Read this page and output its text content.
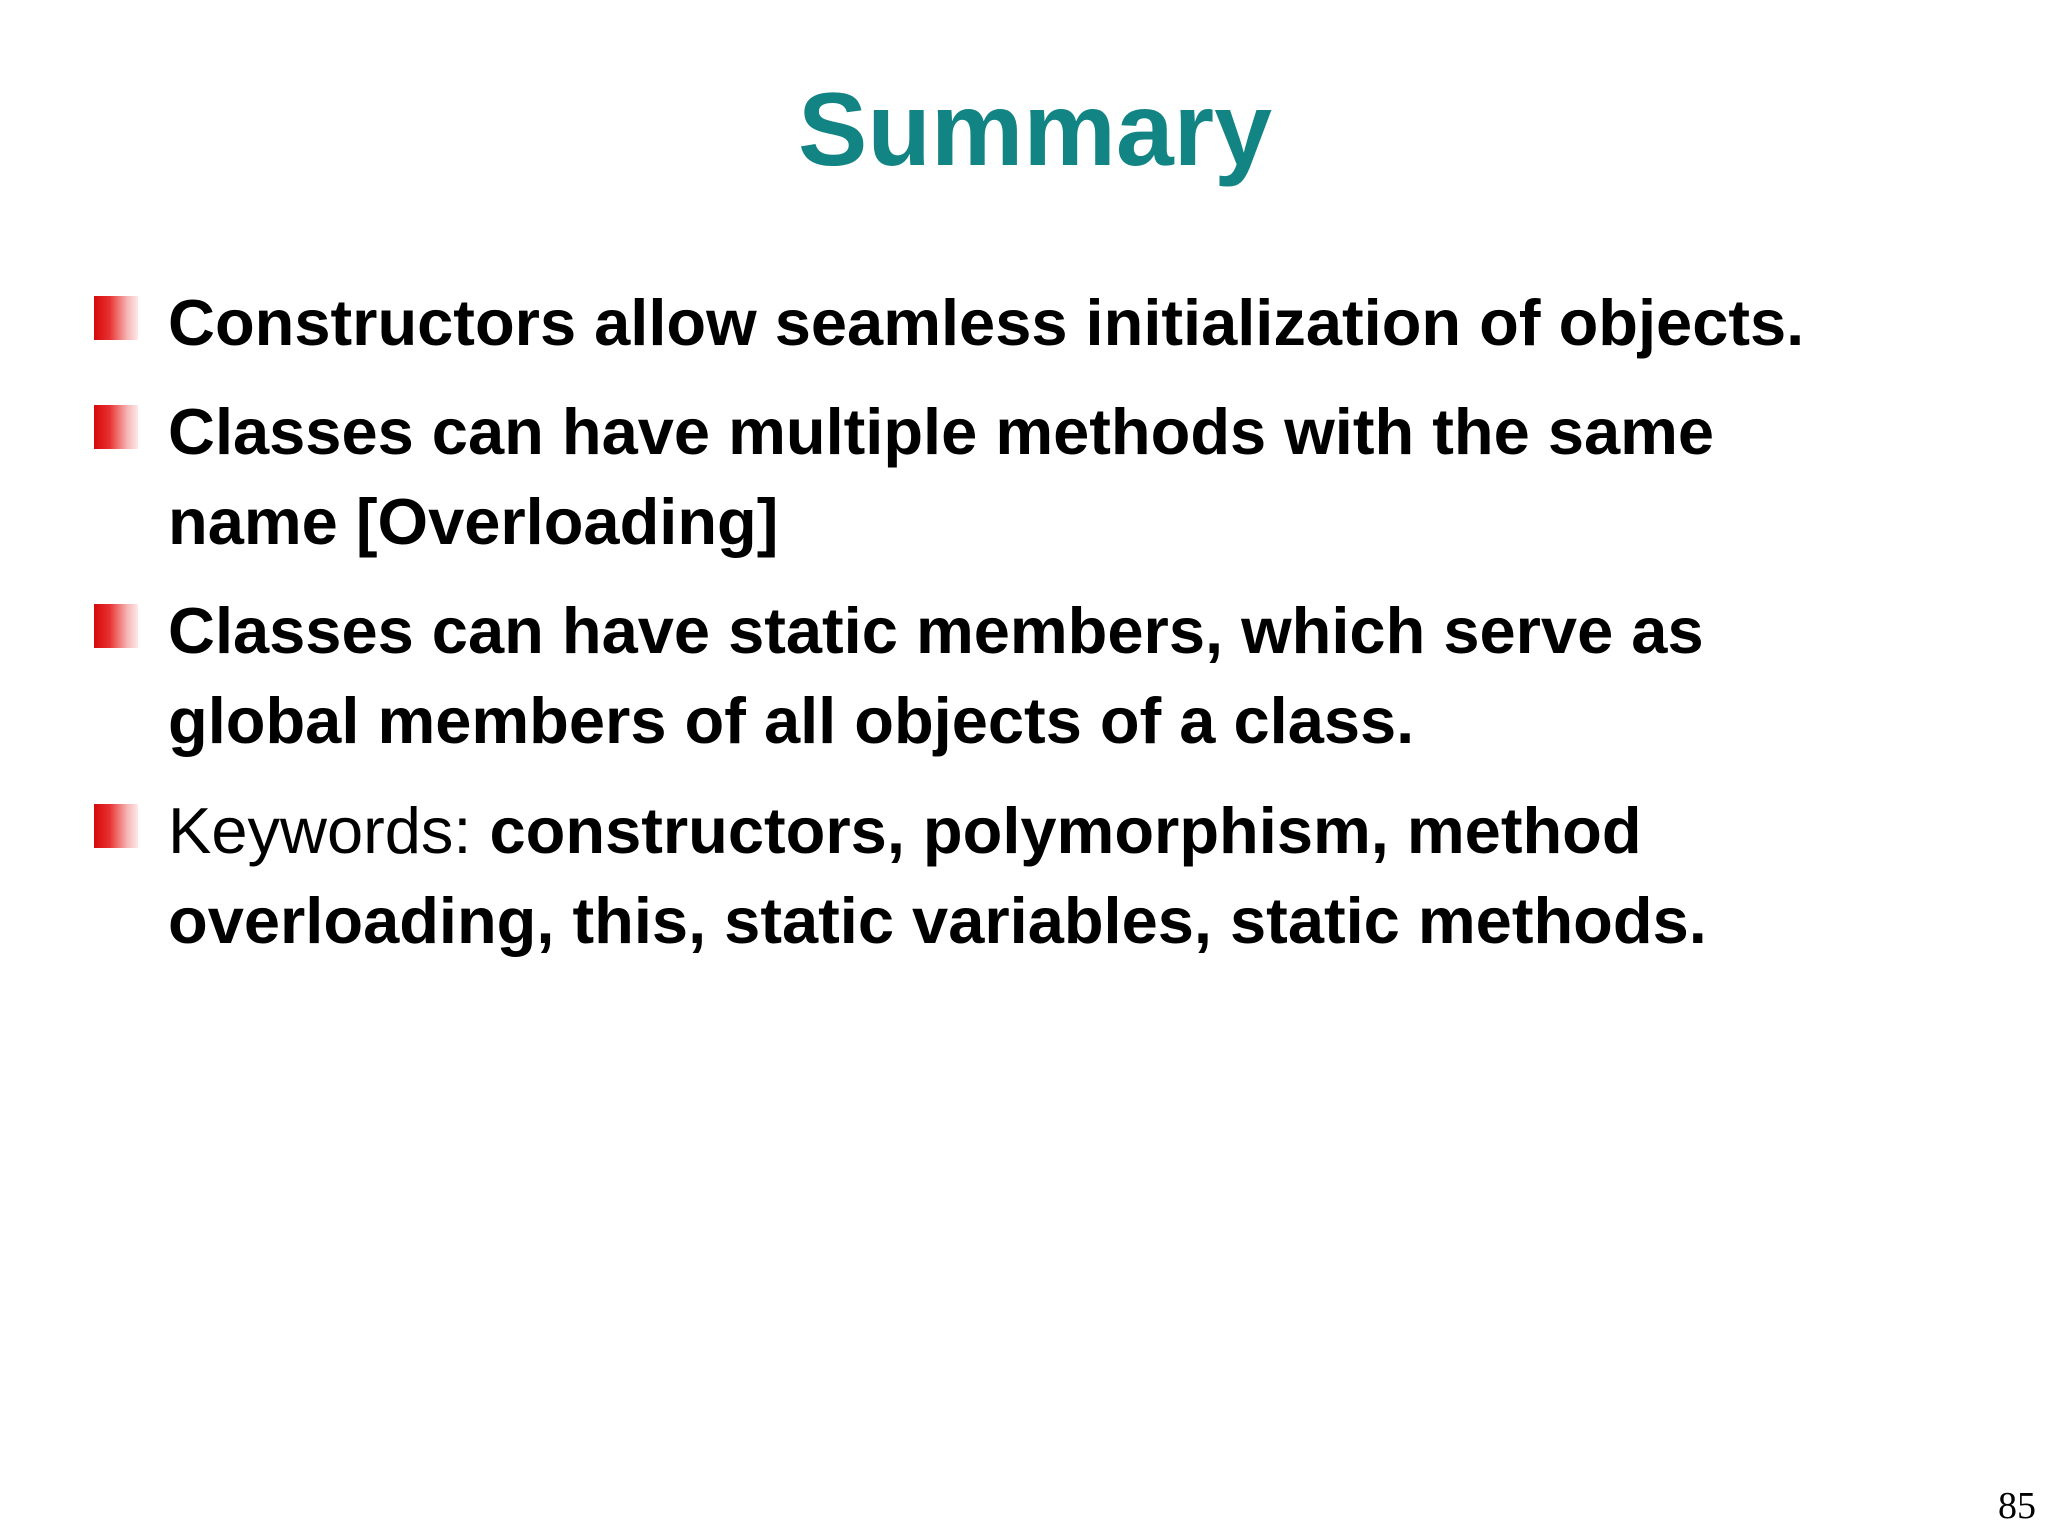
Summary
Constructors allow seamless initialization of objects.
Classes can have multiple methods with the same
name [Overloading]
Classes can have static members, which serve as
global members of all objects of a class.
Keywords: constructors, polymorphism, method
overloading, this, static variables, static methods.
85
